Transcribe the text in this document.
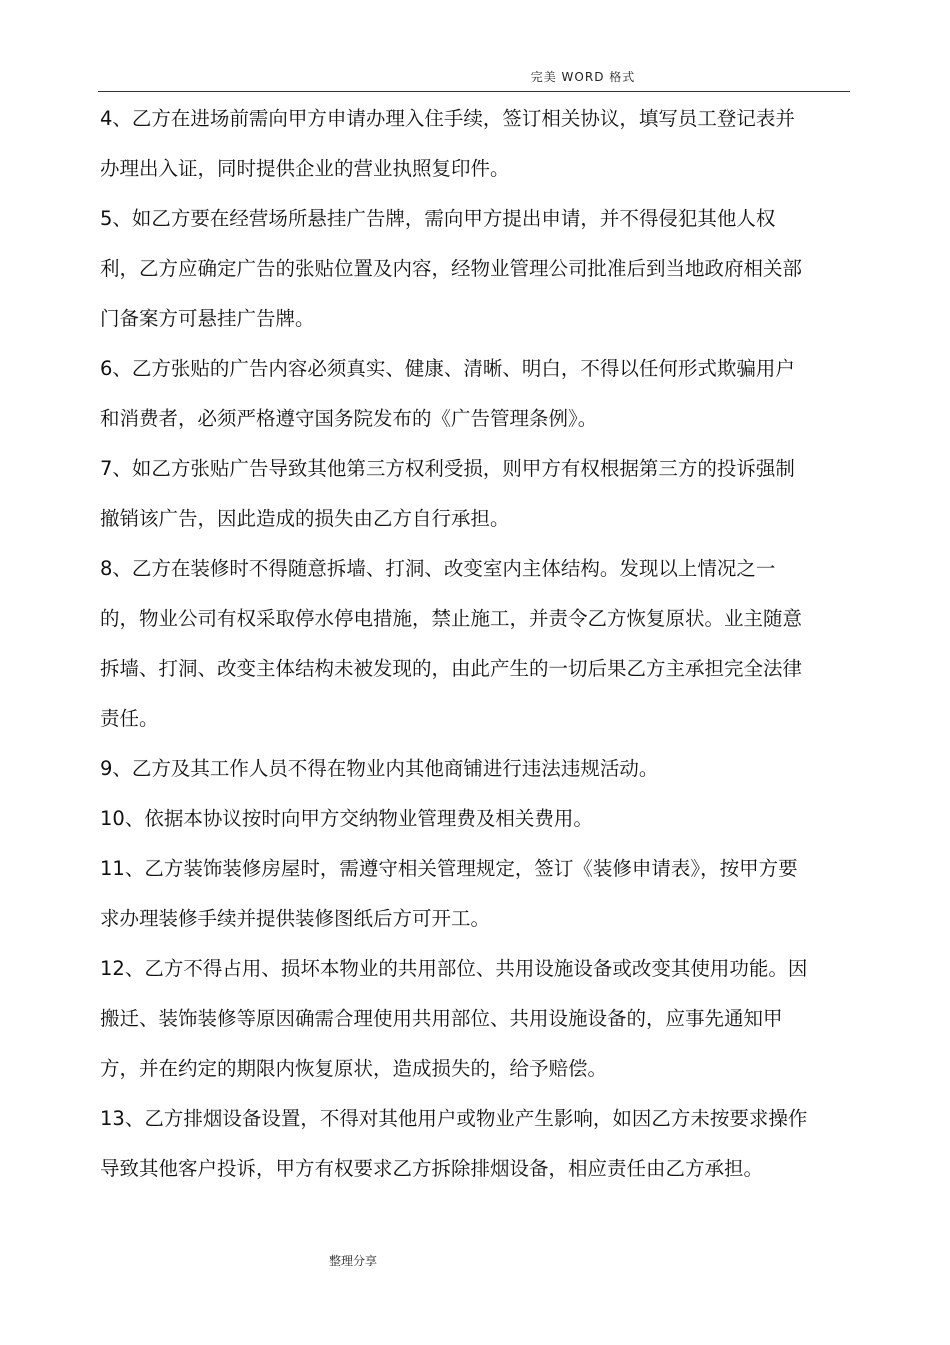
完美 WORD 格式

4、乙方在进场前需向甲方申请办理入住手续，签订相关协议，填写员工登记表并办理出入证，同时提供企业的营业执照复印件。

5、如乙方要在经营场所悬挂广告牌，需向甲方提出申请，并不得侵犯其他人权利，乙方应确定广告的张贴位置及内容，经物业管理公司批准后到当地政府相关部门备案方可悬挂广告牌。

6、乙方张贴的广告内容必须真实、健康、清晰、明白，不得以任何形式欺骗用户和消费者，必须严格遵守国务院发布的《广告管理条例》。

7、如乙方张贴广告导致其他第三方权利受损，则甲方有权根据第三方的投诉强制撤销该广告，因此造成的损失由乙方自行承担。

8、乙方在装修时不得随意拆墙、打洞、改变室内主体结构。发现以上情况之一的，物业公司有权采取停水停电措施，禁止施工，并责令乙方恢复原状。业主随意拆墙、打洞、改变主体结构未被发现的，由此产生的一切后果乙方主承担完全法律责任。

9、乙方及其工作人员不得在物业内其他商铺进行违法违规活动。

10、依据本协议按时向甲方交纳物业管理费及相关费用。

11、乙方装饰装修房屋时，需遵守相关管理规定，签订《装修申请表》，按甲方要求办理装修手续并提供装修图纸后方可开工。

12、乙方不得占用、损坏本物业的共用部位、共用设施设备或改变其使用功能。因搬迁、装饰装修等原因确需合理使用共用部位、共用设施设备的，应事先通知甲方，并在约定的期限内恢复原状，造成损失的，给予赔偿。

13、乙方排烟设备设置，不得对其他用户或物业产生影响，如因乙方未按要求操作导致其他客户投诉，甲方有权要求乙方拆除排烟设备，相应责任由乙方承担。

整理分享
